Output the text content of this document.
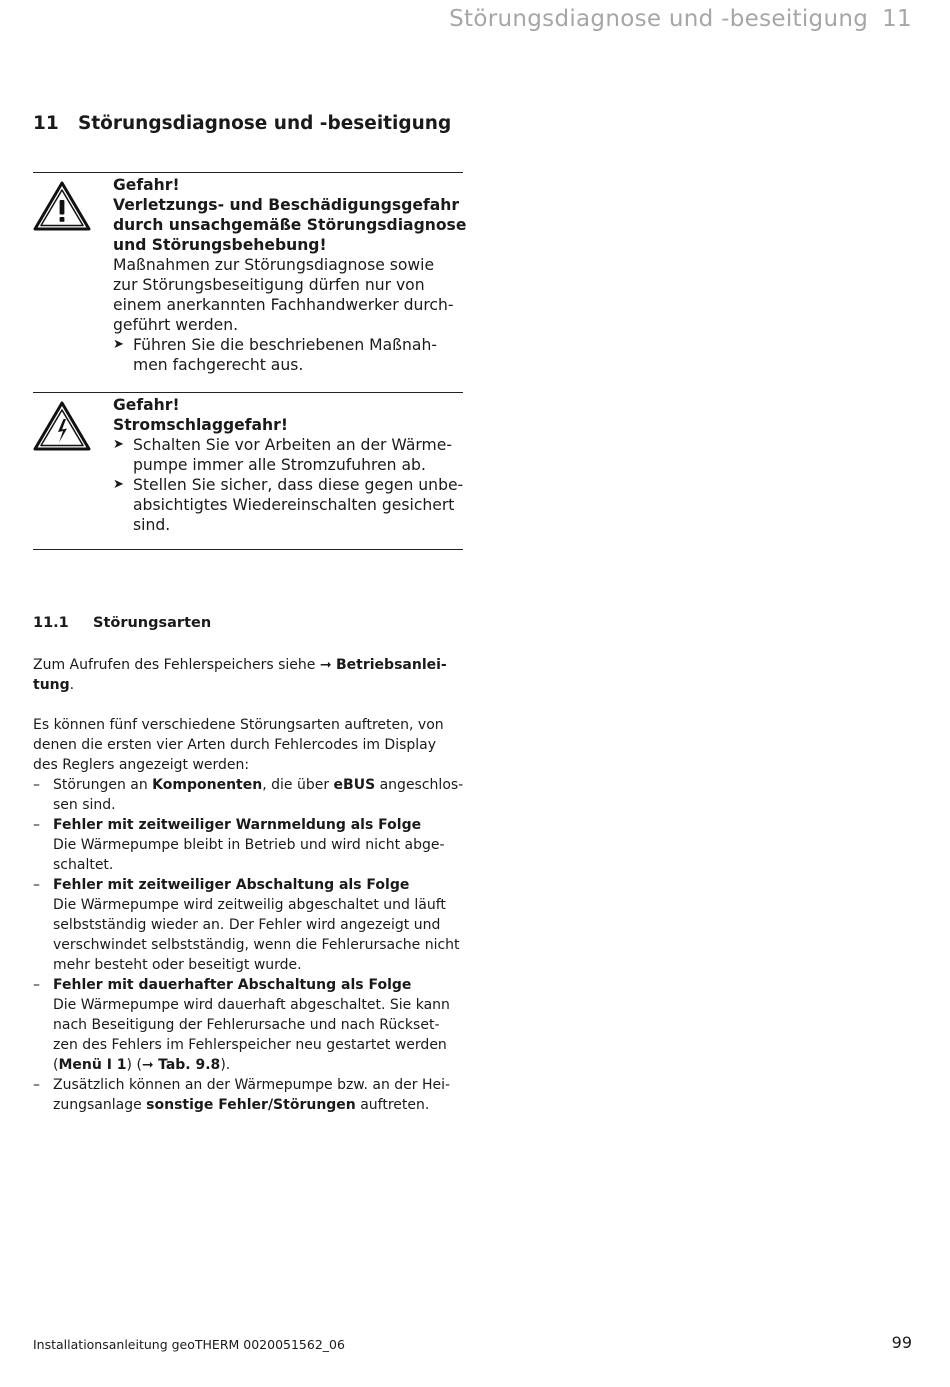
Störungsdiagnose und -beseitigung 11
11 Störungsdiagnose und -beseitigung

Gefahr!

Verletzungs- und Beschädigungsgefahr

durch unsachgemäße Störungsdiagnose

und Störungsbehebung!

Maßnahmen zur Störungsdiagnose sowie

zur Störungsbeseitigung dürfen nur von

einem anerkannten Fachhandwerker durch-

geführt werden.

➤ Führen Sie die beschriebenen Maßnah-

men fachgerecht aus.

Gefahr!

Stromschlaggefahr!

➤ Schalten Sie vor Arbeiten an der Wärme-

pumpe immer alle Stromzufuhren ab.

➤ Stellen Sie sicher, dass diese gegen unbe-

absichtigtes Wiedereinschalten gesichert

sind.

11.1 Störungsarten

Zum Aufrufen des Fehlerspeichers siehe ➞ Betriebsanlei-

tung.

Es können fünf verschiedene Störungsarten auftreten, von

denen die ersten vier Arten durch Fehlercodes im Display

des Reglers angezeigt werden:

– Störungen an Komponenten, die über eBUS angeschlos-

sen sind.

– Fehler mit zeitweiliger Warnmeldung als Folge

Die Wärmepumpe bleibt in Betrieb und wird nicht abge-

schaltet.

– Fehler mit zeitweiliger Abschaltung als Folge

Die Wärmepumpe wird zeitweilig abgeschaltet und läuft

selbstständig wieder an. Der Fehler wird angezeigt und

verschwindet selbstständig, wenn die Fehlerursache nicht

mehr besteht oder beseitigt wurde.

– Fehler mit dauerhafter Abschaltung als Folge

Die Wärmepumpe wird dauerhaft abgeschaltet. Sie kann

nach Beseitigung der Fehlerursache und nach Rückset-

zen des Fehlers im Fehlerspeicher neu gestartet werden

(Menü I 1) (➞ Tab. 9.8).

– Zusätzlich können an der Wärmepumpe bzw. an der Hei-

zungsanlage sonstige Fehler/Störungen auftreten.

Installationsanleitung geoTHERM 0020051562_06	99
